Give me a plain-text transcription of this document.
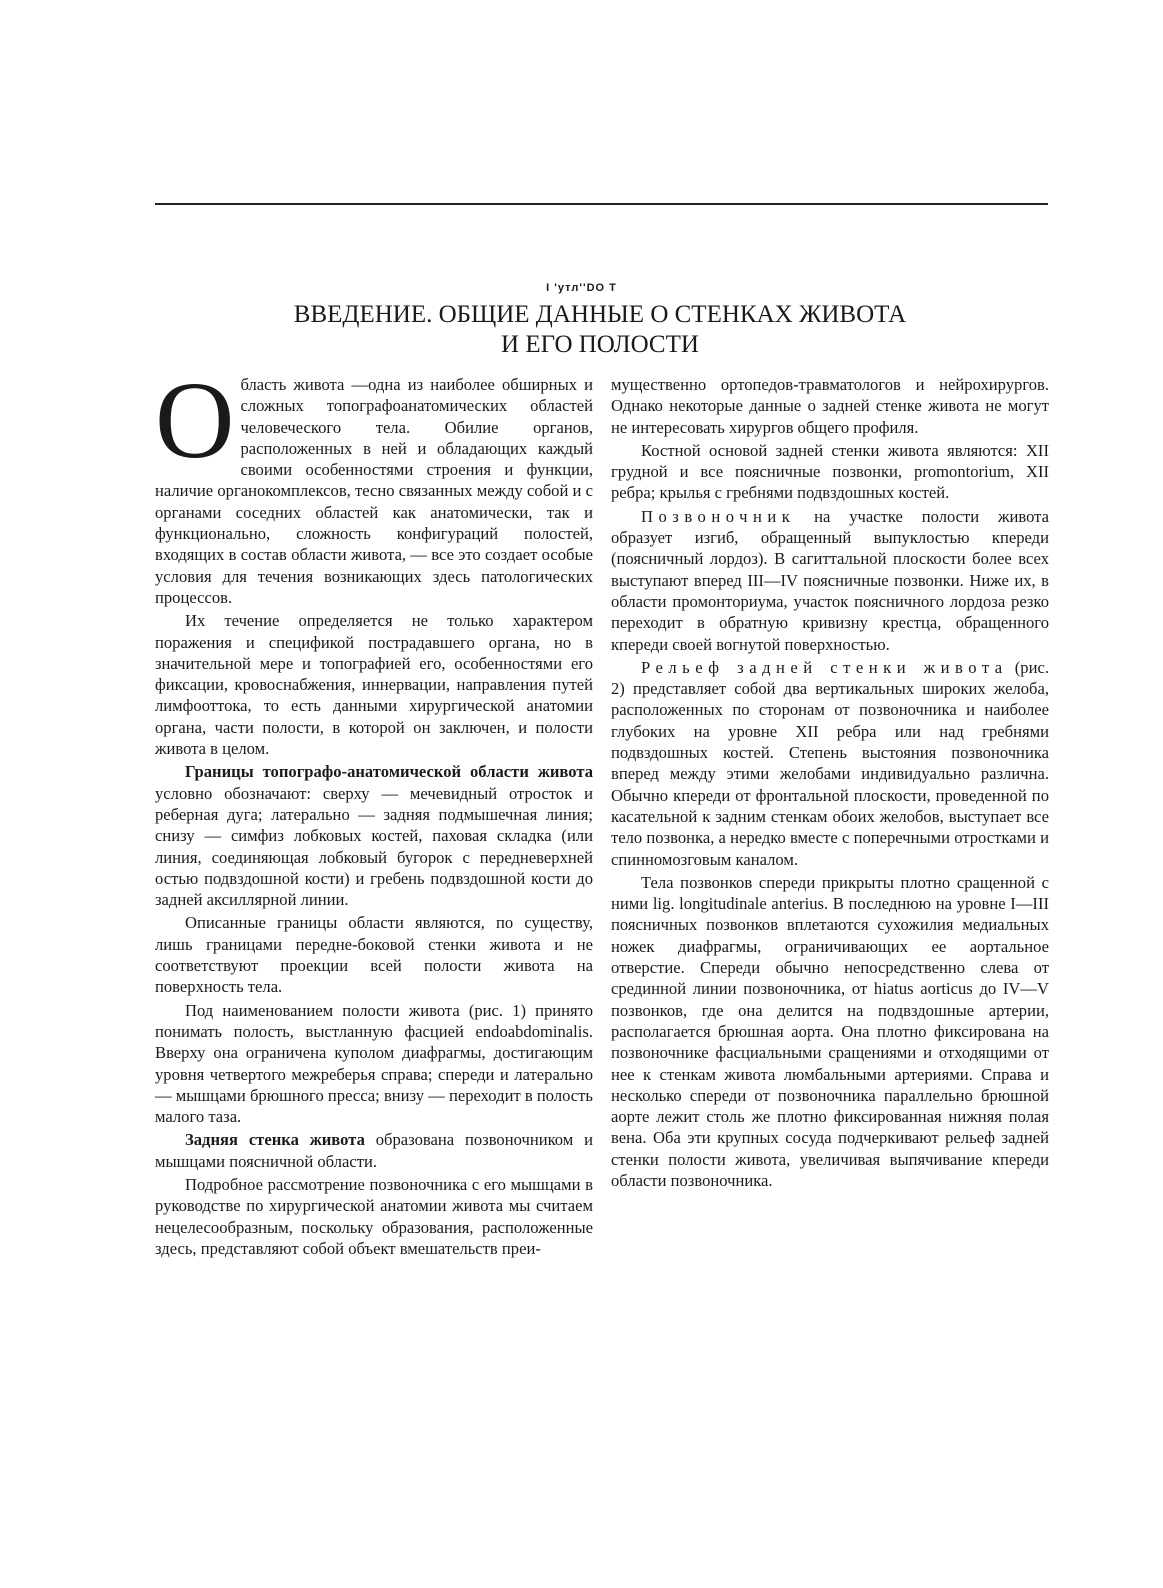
I 'утл''DO T
ВВЕДЕНИЕ. ОБЩИЕ ДАННЫЕ О СТЕНКАХ ЖИВОТА
И ЕГО ПОЛОСТИ

Область живота —одна из наиболее обширных и сложных топографоанатомических областей человеческого тела. Обилие органов, расположенных в ней и обладающих каждый своими особенностями строения и функции, наличие органокомплексов, тесно связанных между собой и с органами соседних областей как анатомически, так и функционально, сложность конфигураций полостей, входящих в состав области живота, — все это создает особые условия для течения возникающих здесь патологических процессов.

Их течение определяется не только характером поражения и спецификой пострадавшего органа, но в значительной мере и топографией его, особенностями его фиксации, кровоснабжения, иннервации, направления путей лимфооттока, то есть данными хирургической анатомии органа, части полости, в которой он заключен, и полости живота в целом.

Границы топографо-анатомической области живота условно обозначают: сверху — мечевидный отросток и реберная дуга; латерально — задняя подмышечная линия; снизу — симфиз лобковых костей, паховая складка (или линия, соединяющая лобковый бугорок с передневерхней остью подвздошной кости) и гребень подвздошной кости до задней аксиллярной линии.

Описанные границы области являются, по существу, лишь границами передне-боковой стенки живота и не соответствуют проекции всей полости живота на поверхность тела.

Под наименованием полости живота (рис. 1) принято понимать полость, выстланную фасцией endoabdominalis. Вверху она ограничена куполом диафрагмы, достигающим уровня четвертого межреберья справа; спереди и латерально — мышцами брюшного пресса; внизу — переходит в полость малого таза.

Задняя стенка живота образована позвоночником и мышцами поясничной области.

Подробное рассмотрение позвоночника с его мышцами в руководстве по хирургической анатомии живота мы считаем нецелесообразным, поскольку образования, расположенные здесь, представляют собой объект вмешательств преи-

мущественно ортопедов-травматологов и нейрохирургов. Однако некоторые данные о задней стенке живота не могут не интересовать хирургов общего профиля.

Костной основой задней стенки живота являются: XII грудной и все поясничные позвонки, promontorium, XII ребра; крылья с гребнями подвздошных костей.

Позвоночник на участке полости живота образует изгиб, обращенный выпуклостью кпереди (поясничный лордоз). В сагиттальной плоскости более всех выступают вперед III—IV поясничные позвонки. Ниже их, в области промонториума, участок поясничного лордоза резко переходит в обратную кривизну крестца, обращенного кпереди своей вогнутой поверхностью.

Рельеф задней стенки живота (рис. 2) представляет собой два вертикальных широких желоба, расположенных по сторонам от позвоночника и наиболее глубоких на уровне XII ребра или над гребнями подвздошных костей. Степень выстояния позвоночника вперед между этими желобами индивидуально различна. Обычно кпереди от фронтальной плоскости, проведенной по касательной к задним стенкам обоих желобов, выступает все тело позвонка, а нередко вместе с поперечными отростками и спинномозговым каналом.

Тела позвонков спереди прикрыты плотно сращенной с ними lig. longitudinale anterius. В последнюю на уровне I—III поясничных позвонков вплетаются сухожилия медиальных ножек диафрагмы, ограничивающих ее аортальное отверстие. Спереди обычно непосредственно слева от срединной линии позвоночника, от hiatus aorticus до IV—V позвонков, где она делится на подвздошные артерии, располагается брюшная аорта. Она плотно фиксирована на позвоночнике фасциальными сращениями и отходящими от нее к стенкам живота люмбальными артериями. Справа и несколько спереди от позвоночника параллельно брюшной аорте лежит столь же плотно фиксированная нижняя полая вена. Оба эти крупных сосуда подчеркивают рельеф задней стенки полости живота, увеличивая выпячивание кпереди области позвоночника.
